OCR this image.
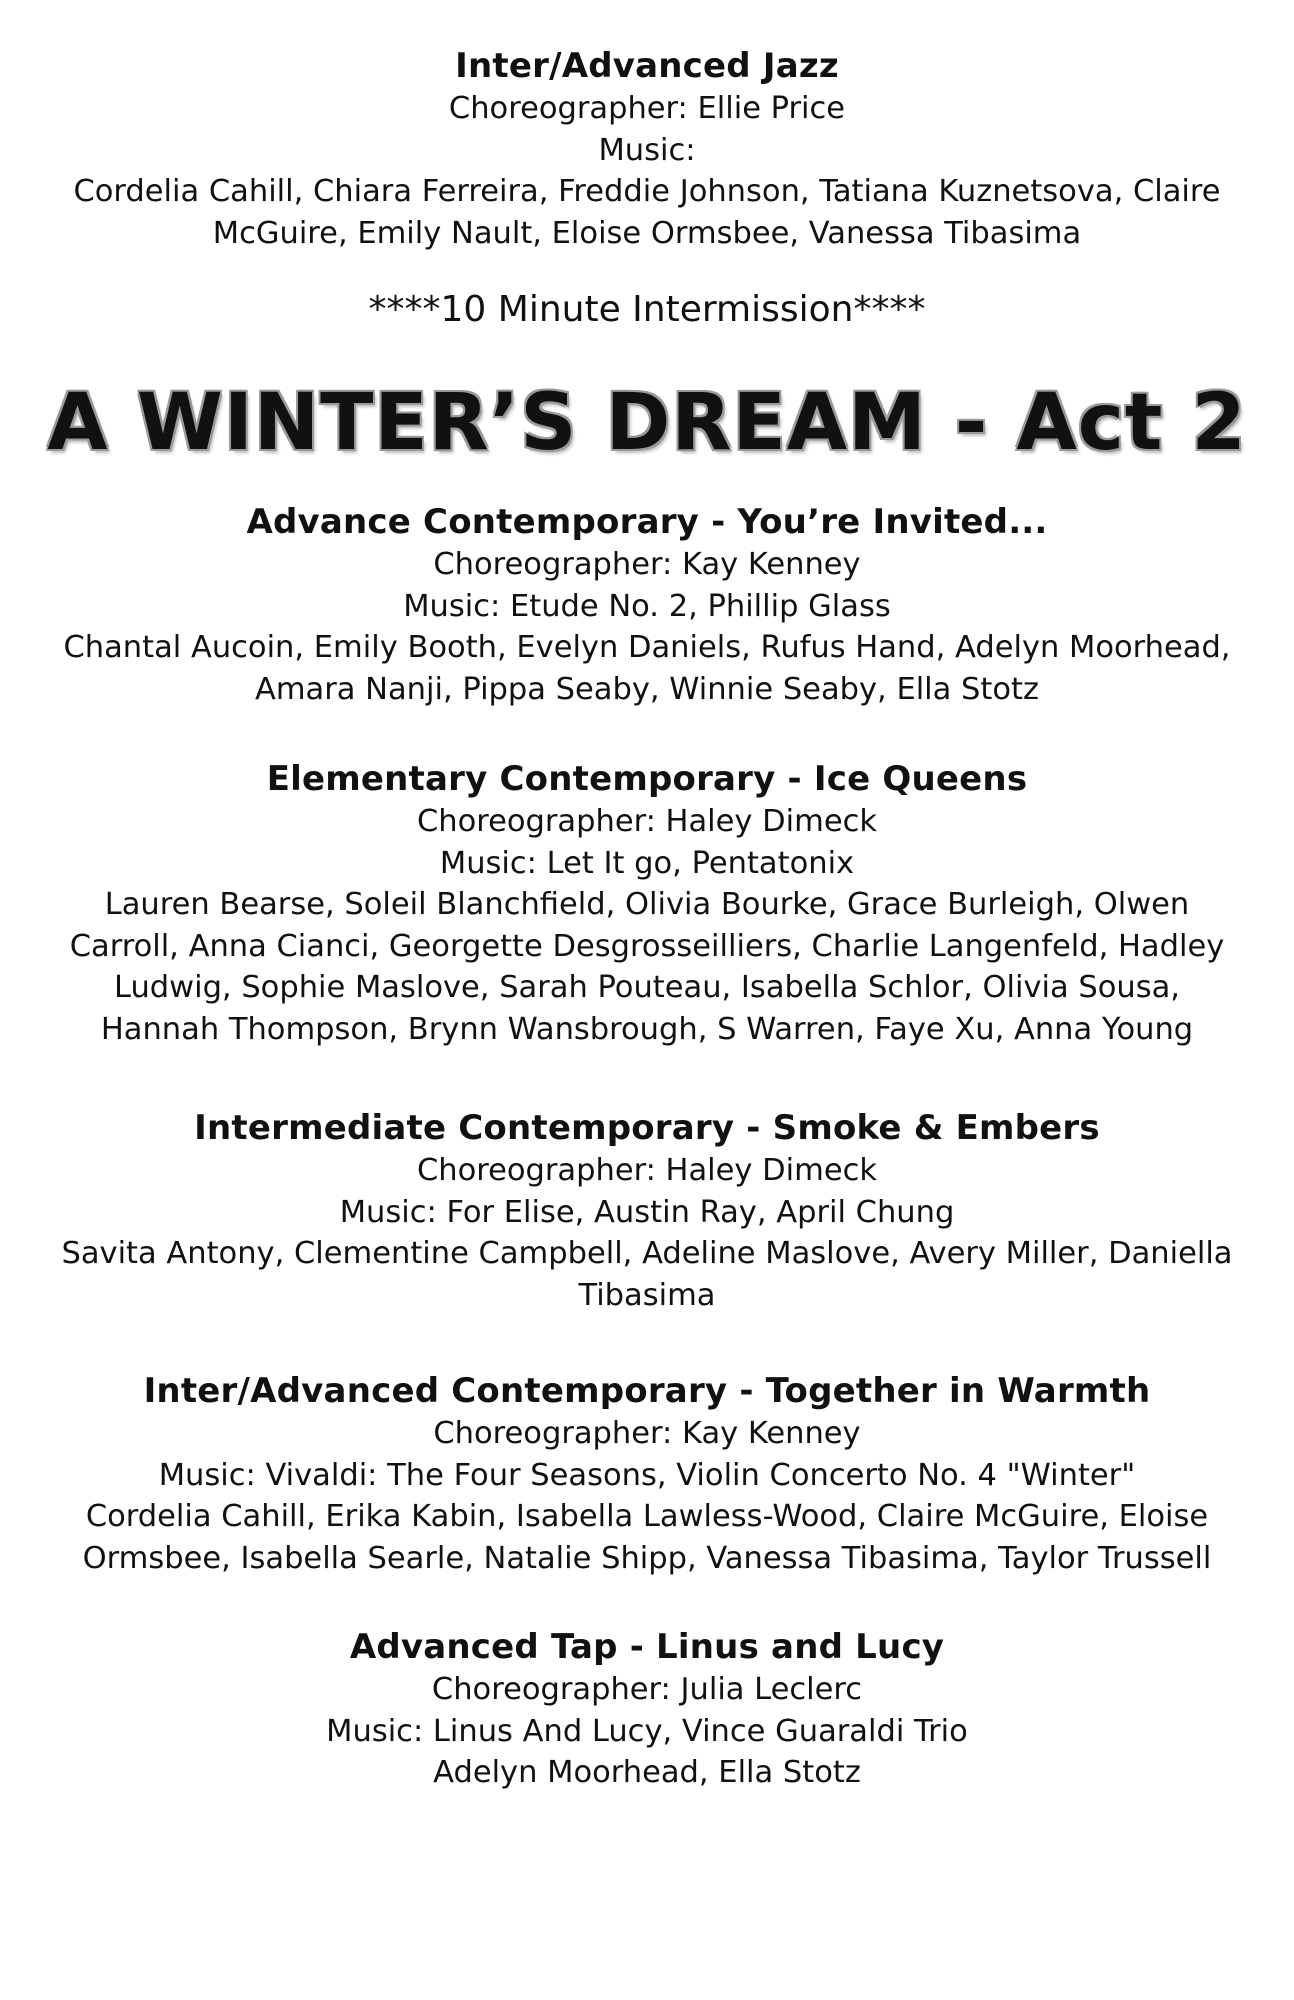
Inter/Advanced Jazz
Choreographer: Ellie Price
Music:
Cordelia Cahill, Chiara Ferreira, Freddie Johnson, Tatiana Kuznetsova, Claire McGuire, Emily Nault, Eloise Ormsbee, Vanessa Tibasima
****10 Minute Intermission****
A WINTER’S DREAM - Act 2
Advance Contemporary - You’re Invited...
Choreographer: Kay Kenney
Music: Etude No. 2, Phillip Glass
Chantal Aucoin, Emily Booth, Evelyn Daniels, Rufus Hand, Adelyn Moorhead, Amara Nanji, Pippa Seaby, Winnie Seaby, Ella Stotz
Elementary Contemporary - Ice Queens
Choreographer: Haley Dimeck
Music: Let It go, Pentatonix
Lauren Bearse, Soleil Blanchfield, Olivia Bourke, Grace Burleigh, Olwen Carroll, Anna Cianci, Georgette Desgrosseilliers, Charlie Langenfeld, Hadley Ludwig, Sophie Maslove, Sarah Pouteau, Isabella Schlor, Olivia Sousa, Hannah Thompson, Brynn Wansbrough, S Warren, Faye Xu, Anna Young
Intermediate Contemporary - Smoke & Embers
Choreographer: Haley Dimeck
Music: For Elise, Austin Ray, April Chung
Savita Antony, Clementine Campbell, Adeline Maslove, Avery Miller, Daniella Tibasima
Inter/Advanced Contemporary - Together in Warmth
Choreographer: Kay Kenney
Music: Vivaldi: The Four Seasons, Violin Concerto No. 4 "Winter"
Cordelia Cahill, Erika Kabin, Isabella Lawless-Wood, Claire McGuire, Eloise Ormsbee, Isabella Searle, Natalie Shipp, Vanessa Tibasima, Taylor Trussell
Advanced Tap - Linus and Lucy
Choreographer: Julia Leclerc
Music: Linus And Lucy, Vince Guaraldi Trio
Adelyn Moorhead, Ella Stotz
